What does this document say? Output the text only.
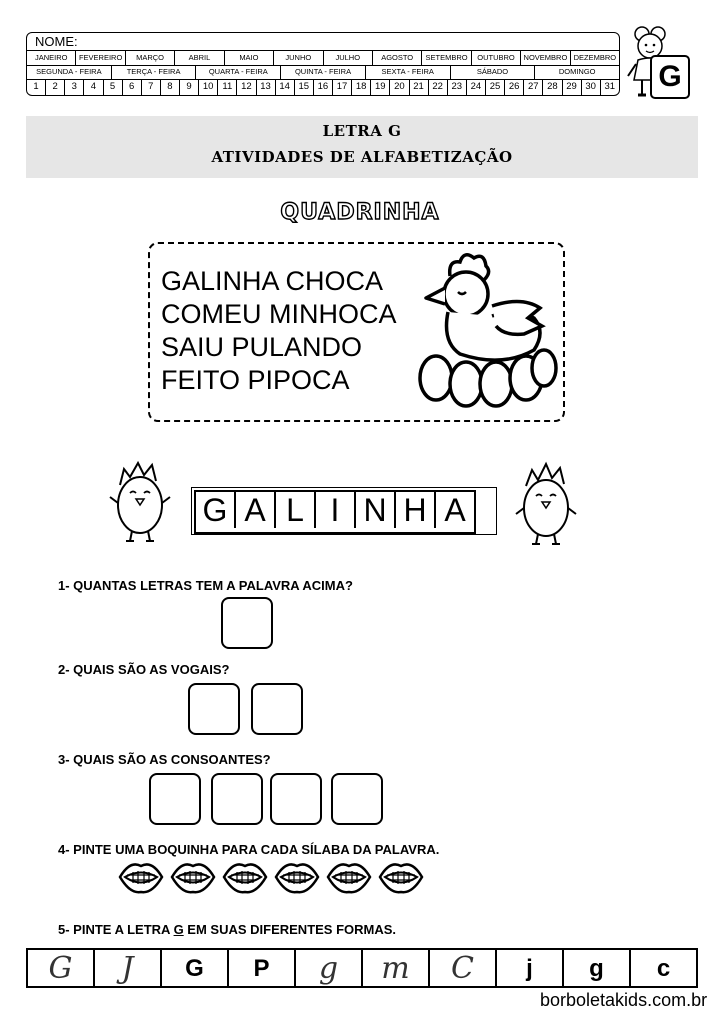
NOME:
JANEIRO	FEVEREIRO	MARÇO	ABRIL	MAIO	JUNHO	JULHO	AGOSTO	SETEMBRO	OUTUBRO	NOVEMBRO DEZEMBRO
SEGUNDA - FEIRA	TERÇA - FEIRA	QUARTA - FEIRA	QUINTA - FEIRA	SEXTA - FEIRA	SÁBADO	DOMINGO
1	2	3	4	5	6	7	8	9	10 11 12 13 14 15 16 17 18 19 20 21 22 23 24 25 26 27 28 29 30 31 G
LETRA G
ATIVIDADES DE ALFABETIZAÇÃO
QUADRINHA
GALINHA CHOCA
COMEU MINHOCA
SAIU PULANDO
FEITO PIPOCA
G A L I N H A
1- QUANTAS LETRAS TEM A PALAVRA ACIMA?
2- QUAIS SÃO AS VOGAIS?
3- QUAIS SÃO AS CONSOANTES?
4- PINTE UMA BOQUINHA PARA CADA SÍLABA DA PALAVRA.
5- PINTE A LETRA G EM SUAS DIFERENTES FORMAS.
G	J	G	P	g	m	C	j	g	c
borboletakids.com.br
